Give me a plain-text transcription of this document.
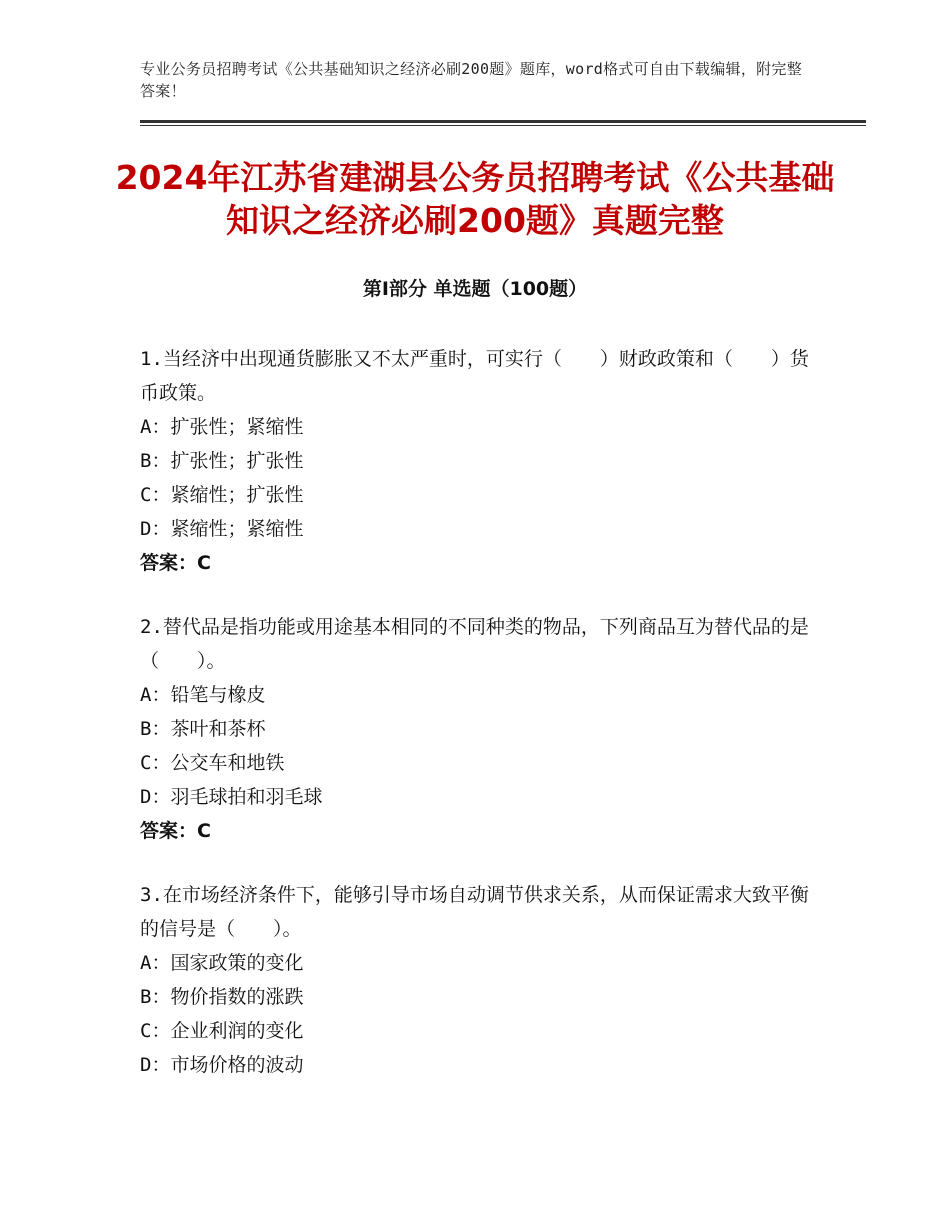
专业公务员招聘考试《公共基础知识之经济必刷200题》题库，word格式可自由下载编辑，附完整答案！
2024年江苏省建湖县公务员招聘考试《公共基础知识之经济必刷200题》真题完整
第Ⅰ部分 单选题（100题）

1.当经济中出现通货膨胀又不太严重时，可实行（　　）财政政策和（　　）货币政策。

A：扩张性；紧缩性

B：扩张性；扩张性

C：紧缩性；扩张性

D：紧缩性；紧缩性

答案：C

2.替代品是指功能或用途基本相同的不同种类的物品，下列商品互为替代品的是（　　）。

A：铅笔与橡皮

B：茶叶和茶杯

C：公交车和地铁

D：羽毛球拍和羽毛球

答案：C

3.在市场经济条件下，能够引导市场自动调节供求关系，从而保证需求大致平衡的信号是（　　）。

A：国家政策的变化

B：物价指数的涨跌

C：企业利润的变化

D：市场价格的波动
